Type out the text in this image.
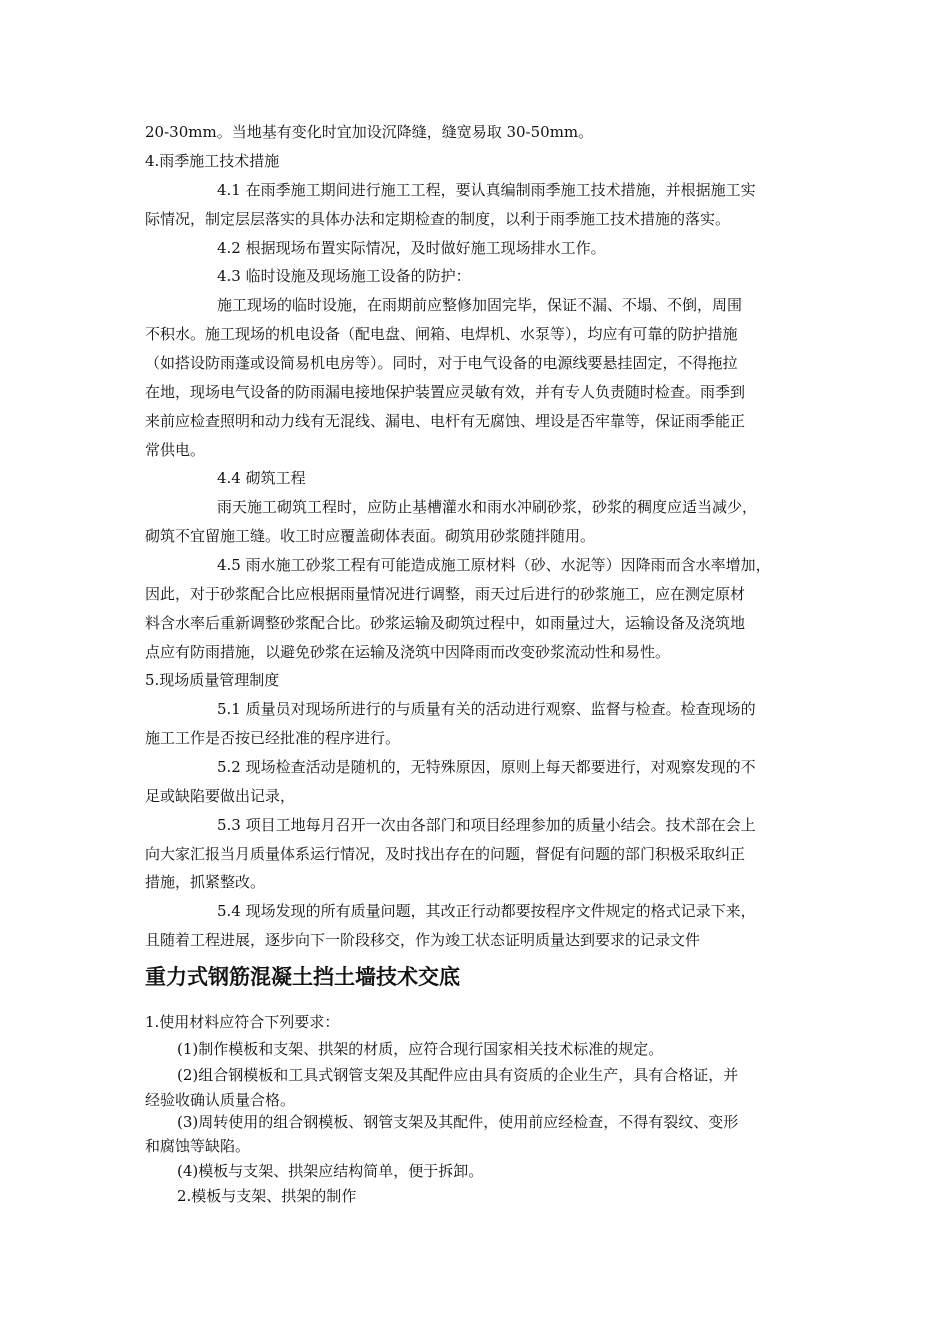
20-30mm。当地基有变化时宜加设沉降缝，缝宽易取 30-50mm。
4.雨季施工技术措施
4.1 在雨季施工期间进行施工工程，要认真编制雨季施工技术措施，并根据施工实
际情况，制定层层落实的具体办法和定期检查的制度，以利于雨季施工技术措施的落实。
4.2 根据现场布置实际情况，及时做好施工现场排水工作。
4.3 临时设施及现场施工设备的防护：
施工现场的临时设施，在雨期前应整修加固完毕，保证不漏、不塌、不倒，周围
不积水。施工现场的机电设备（配电盘、闸箱、电焊机、水泵等），均应有可靠的防护措施
（如搭设防雨蓬或设简易机电房等）。同时，对于电气设备的电源线要悬挂固定，不得拖拉
在地，现场电气设备的防雨漏电接地保护装置应灵敏有效，并有专人负责随时检查。雨季到
来前应检查照明和动力线有无混线、漏电、电杆有无腐蚀、埋设是否牢靠等，保证雨季能正
常供电。
4.4 砌筑工程
雨天施工砌筑工程时，应防止基槽灌水和雨水冲刷砂浆，砂浆的稠度应适当减少，
砌筑不宜留施工缝。收工时应覆盖砌体表面。砌筑用砂浆随拌随用。
4.5 雨水施工砂浆工程有可能造成施工原材料（砂、水泥等）因降雨而含水率增加，
因此，对于砂浆配合比应根据雨量情况进行调整，雨天过后进行的砂浆施工，应在测定原材
料含水率后重新调整砂浆配合比。砂浆运输及砌筑过程中，如雨量过大，运输设备及浇筑地
点应有防雨措施，以避免砂浆在运输及浇筑中因降雨而改变砂浆流动性和易性。
5.现场质量管理制度
5.1 质量员对现场所进行的与质量有关的活动进行观察、监督与检查。检查现场的
施工工作是否按已经批准的程序进行。
5.2 现场检查活动是随机的，无特殊原因，原则上每天都要进行，对观察发现的不
足或缺陷要做出记录，
5.3 项目工地每月召开一次由各部门和项目经理参加的质量小结会。技术部在会上
向大家汇报当月质量体系运行情况，及时找出存在的问题，督促有问题的部门积极采取纠正
措施，抓紧整改。
5.4 现场发现的所有质量问题，其改正行动都要按程序文件规定的格式记录下来，
且随着工程进展，逐步向下一阶段移交，作为竣工状态证明质量达到要求的记录文件
重力式钢筋混凝土挡土墙技术交底
1.使用材料应符合下列要求：
(1)制作模板和支架、拱架的材质，应符合现行国家相关技术标准的规定。
(2)组合钢模板和工具式钢管支架及其配件应由具有资质的企业生产，具有合格证，并
经验收确认质量合格。
(3)周转使用的组合钢模板、钢管支架及其配件，使用前应经检查，不得有裂纹、变形
和腐蚀等缺陷。
(4)模板与支架、拱架应结构简单，便于拆卸。
2.模板与支架、拱架的制作
